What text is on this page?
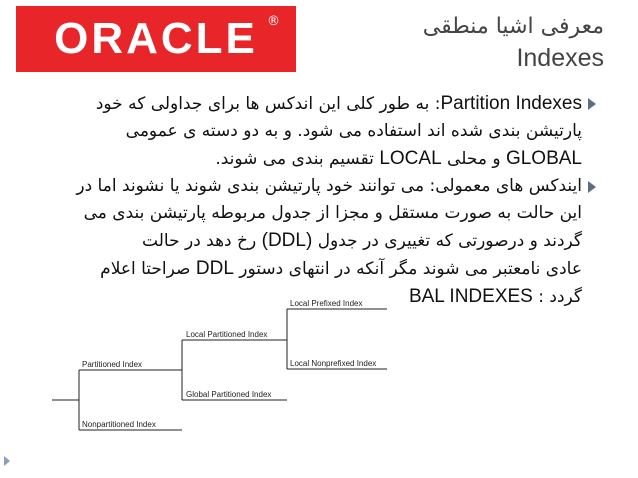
ORACLE ®	معرفی اشیا منطقی
Indexes
Partition Indexes: به طور کلی این اندکس ها برای جداولی که خود
پارتیشن بندی شده اند استفاده می شود. و به دو دسته ی عمومی
GLOBAL و محلی LOCAL تقسیم بندی می شوند.
ایندکس های معمولی: می توانند خود پارتیشن بندی شوند یا نشوند اما در
این حالت به صورت مستقل و مجزا از جدول مربوطه پارتیشن بندی می
گردند و درصورتی که تغییری در جدول (DDL) رخ دهد در حالت
عادی نامعتبر می شوند مگر آنکه در انتهای دستور DDL صراحتا اعلام
گردد : BAL INDEXES
Partitioned Index
Nonpartitioned Index
Local Partitioned Index
Global Partitioned Index
Local Prefixed Index
Local Nonprefixed Index
